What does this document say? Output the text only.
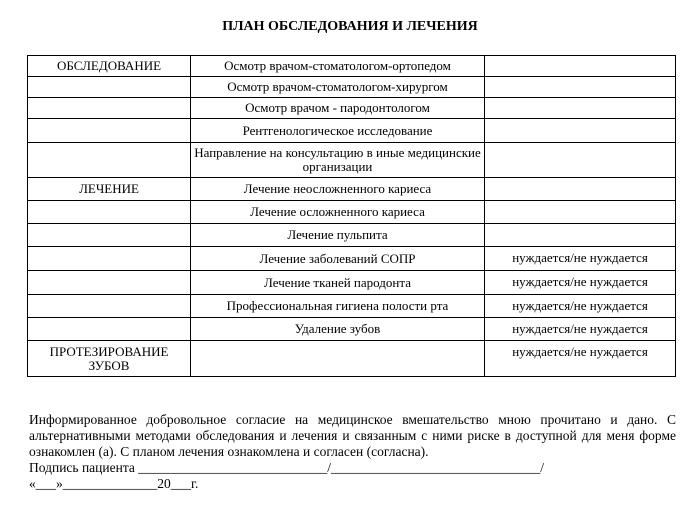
ПЛАН ОБСЛЕДОВАНИЯ И ЛЕЧЕНИЯ
ОБСЛЕДОВАНИЕ	Осмотр врачом-стоматологом-ортопедом	
	Осмотр врачом-стоматологом-хирургом	
	Осмотр врачом - пародонтологом	
	Рентгенологическое исследование	
	Направление на консультацию в иные медицинские организации	
ЛЕЧЕНИЕ	Лечение неосложненного кариеса	
	Лечение осложненного кариеса	
	Лечение пульпита	
	Лечение заболеваний СОПР	нуждается/не нуждается
	Лечение тканей пародонта	нуждается/не нуждается
	Профессиональная гигиена полости рта	нуждается/не нуждается
	Удаление зубов	нуждается/не нуждается
ПРОТЕЗИРОВАНИЕ ЗУБОВ		нуждается/не нуждается

Информированное добровольное согласие на медицинское вмешательство мною прочитано и дано. С альтернативными методами обследования и лечения и связанным с ними риске в доступной для меня форме ознакомлен (а). С планом лечения ознакомлена и согласен (согласна).

Подпись пациента ____________________________/_______________________________/

«___»______________20___г.
